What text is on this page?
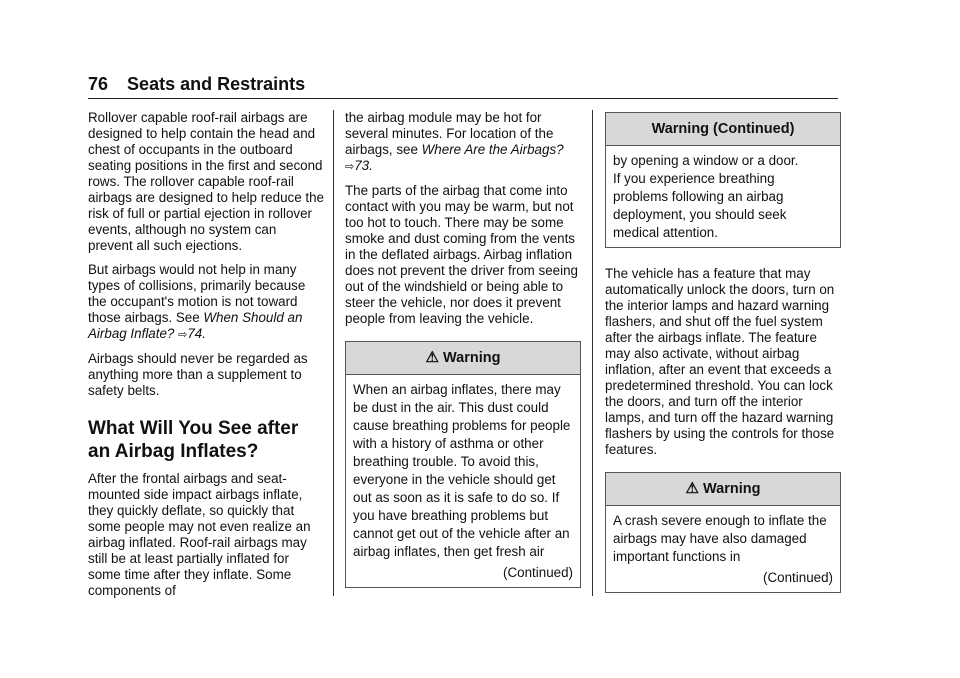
76 Seats and Restraints

Rollover capable roof-rail airbags are designed to help contain the head and chest of occupants in the outboard seating positions in the first and second rows. The rollover capable roof-rail airbags are designed to help reduce the risk of full or partial ejection in rollover events, although no system can prevent all such ejections.

But airbags would not help in many types of collisions, primarily because the occupant's motion is not toward those airbags. See When Should an Airbag Inflate? ⇨74.

Airbags should never be regarded as anything more than a supplement to safety belts.

What Will You See after an Airbag Inflates?

After the frontal airbags and seat-mounted side impact airbags inflate, they quickly deflate, so quickly that some people may not even realize an airbag inflated. Roof-rail airbags may still be at least partially inflated for some time after they inflate. Some components of

the airbag module may be hot for several minutes. For location of the airbags, see Where Are the Airbags? ⇨73.

The parts of the airbag that come into contact with you may be warm, but not too hot to touch. There may be some smoke and dust coming from the vents in the deflated airbags. Airbag inflation does not prevent the driver from seeing out of the windshield or being able to steer the vehicle, nor does it prevent people from leaving the vehicle.

⚠ Warning
When an airbag inflates, there may be dust in the air. This dust could cause breathing problems for people with a history of asthma or other breathing trouble. To avoid this, everyone in the vehicle should get out as soon as it is safe to do so. If you have breathing problems but cannot get out of the vehicle after an airbag inflates, then get fresh air
(Continued)
Warning (Continued)
by opening a window or a door.
If you experience breathing problems following an airbag deployment, you should seek medical attention.

The vehicle has a feature that may automatically unlock the doors, turn on the interior lamps and hazard warning flashers, and shut off the fuel system after the airbags inflate. The feature may also activate, without airbag inflation, after an event that exceeds a predetermined threshold. You can lock the doors, and turn off the interior lamps, and turn off the hazard warning flashers by using the controls for those features.

⚠ Warning
A crash severe enough to inflate the airbags may have also damaged important functions in
(Continued)
